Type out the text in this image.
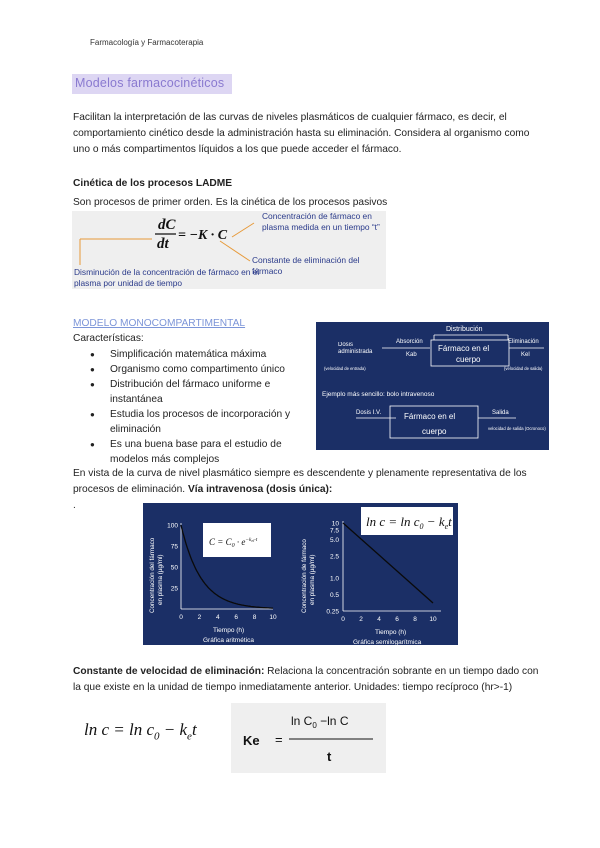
Farmacología y Farmacoterapia
Modelos farmacocinéticos
Facilitan la interpretación de las curvas de niveles plasmáticos de cualquier fármaco, es decir, el comportamiento cinético desde la administración hasta su eliminación. Considera al organismo como uno o más compartimentos líquidos a los que puede acceder el fármaco.
Cinética de los procesos LADME
Son procesos de primer orden. Es la cinética de los procesos pasivos
dC
dt
= −K · C
Concentración de fármaco en plasma medida en un tiempo “t”
Constante de eliminación del fármaco
Disminución de la concentración de fármaco en el plasma por unidad de tiempo
MODELO MONOCOMPARTIMENTAL
Características:
● Simplificación matemática máxima
● Organismo como compartimento único
● Distribución del fármaco uniforme e instantánea
● Estudia los procesos de incorporación y eliminación
● Es una buena base para el estudio de modelos más complejos
Distribución
Dosis administrada
Absorción
Kab
(velocidad de entrada)
Fármaco en el
cuerpo
Eliminación
Kel
(velocidad de salida)
Ejemplo más sencillo: bolo intravenoso
Dosis I.V.	Fármaco en el
cuerpo
Salida
velocidad de salida (Ocronoco)
En vista de la curva de nivel plasmático siempre es descendente y plenamente representativa de los procesos de eliminación. Vía intravenosa (dosis única):
.
Concentración del fármaco en plasma (µg/ml) 25
50
75
100
0 2 4 6 8 10
$C = C_0 \cdot e^{-k}el\cdot t$
Tiempo (h)
Gráfica aritmética
Concentración de fármaco en plasma (µg/ml)
10
7.5
5.0
2.5
1.0
0.5
0.25
0 2 4 6 8 10
$\ln c = \ln c_0 - k_et$
Tiempo (h)
Gráfica semilogarítmica
Constante de velocidad de eliminación: Relaciona la concentración sobrante en un tiempo dado con la que existe en la unidad de tiempo inmediatamente anterior. Unidades: tiempo recíproco (hr>-1)
$\ln c = \ln c_0 - k_et$
Ke =
$\ln C_0 -\ln$ C
t
